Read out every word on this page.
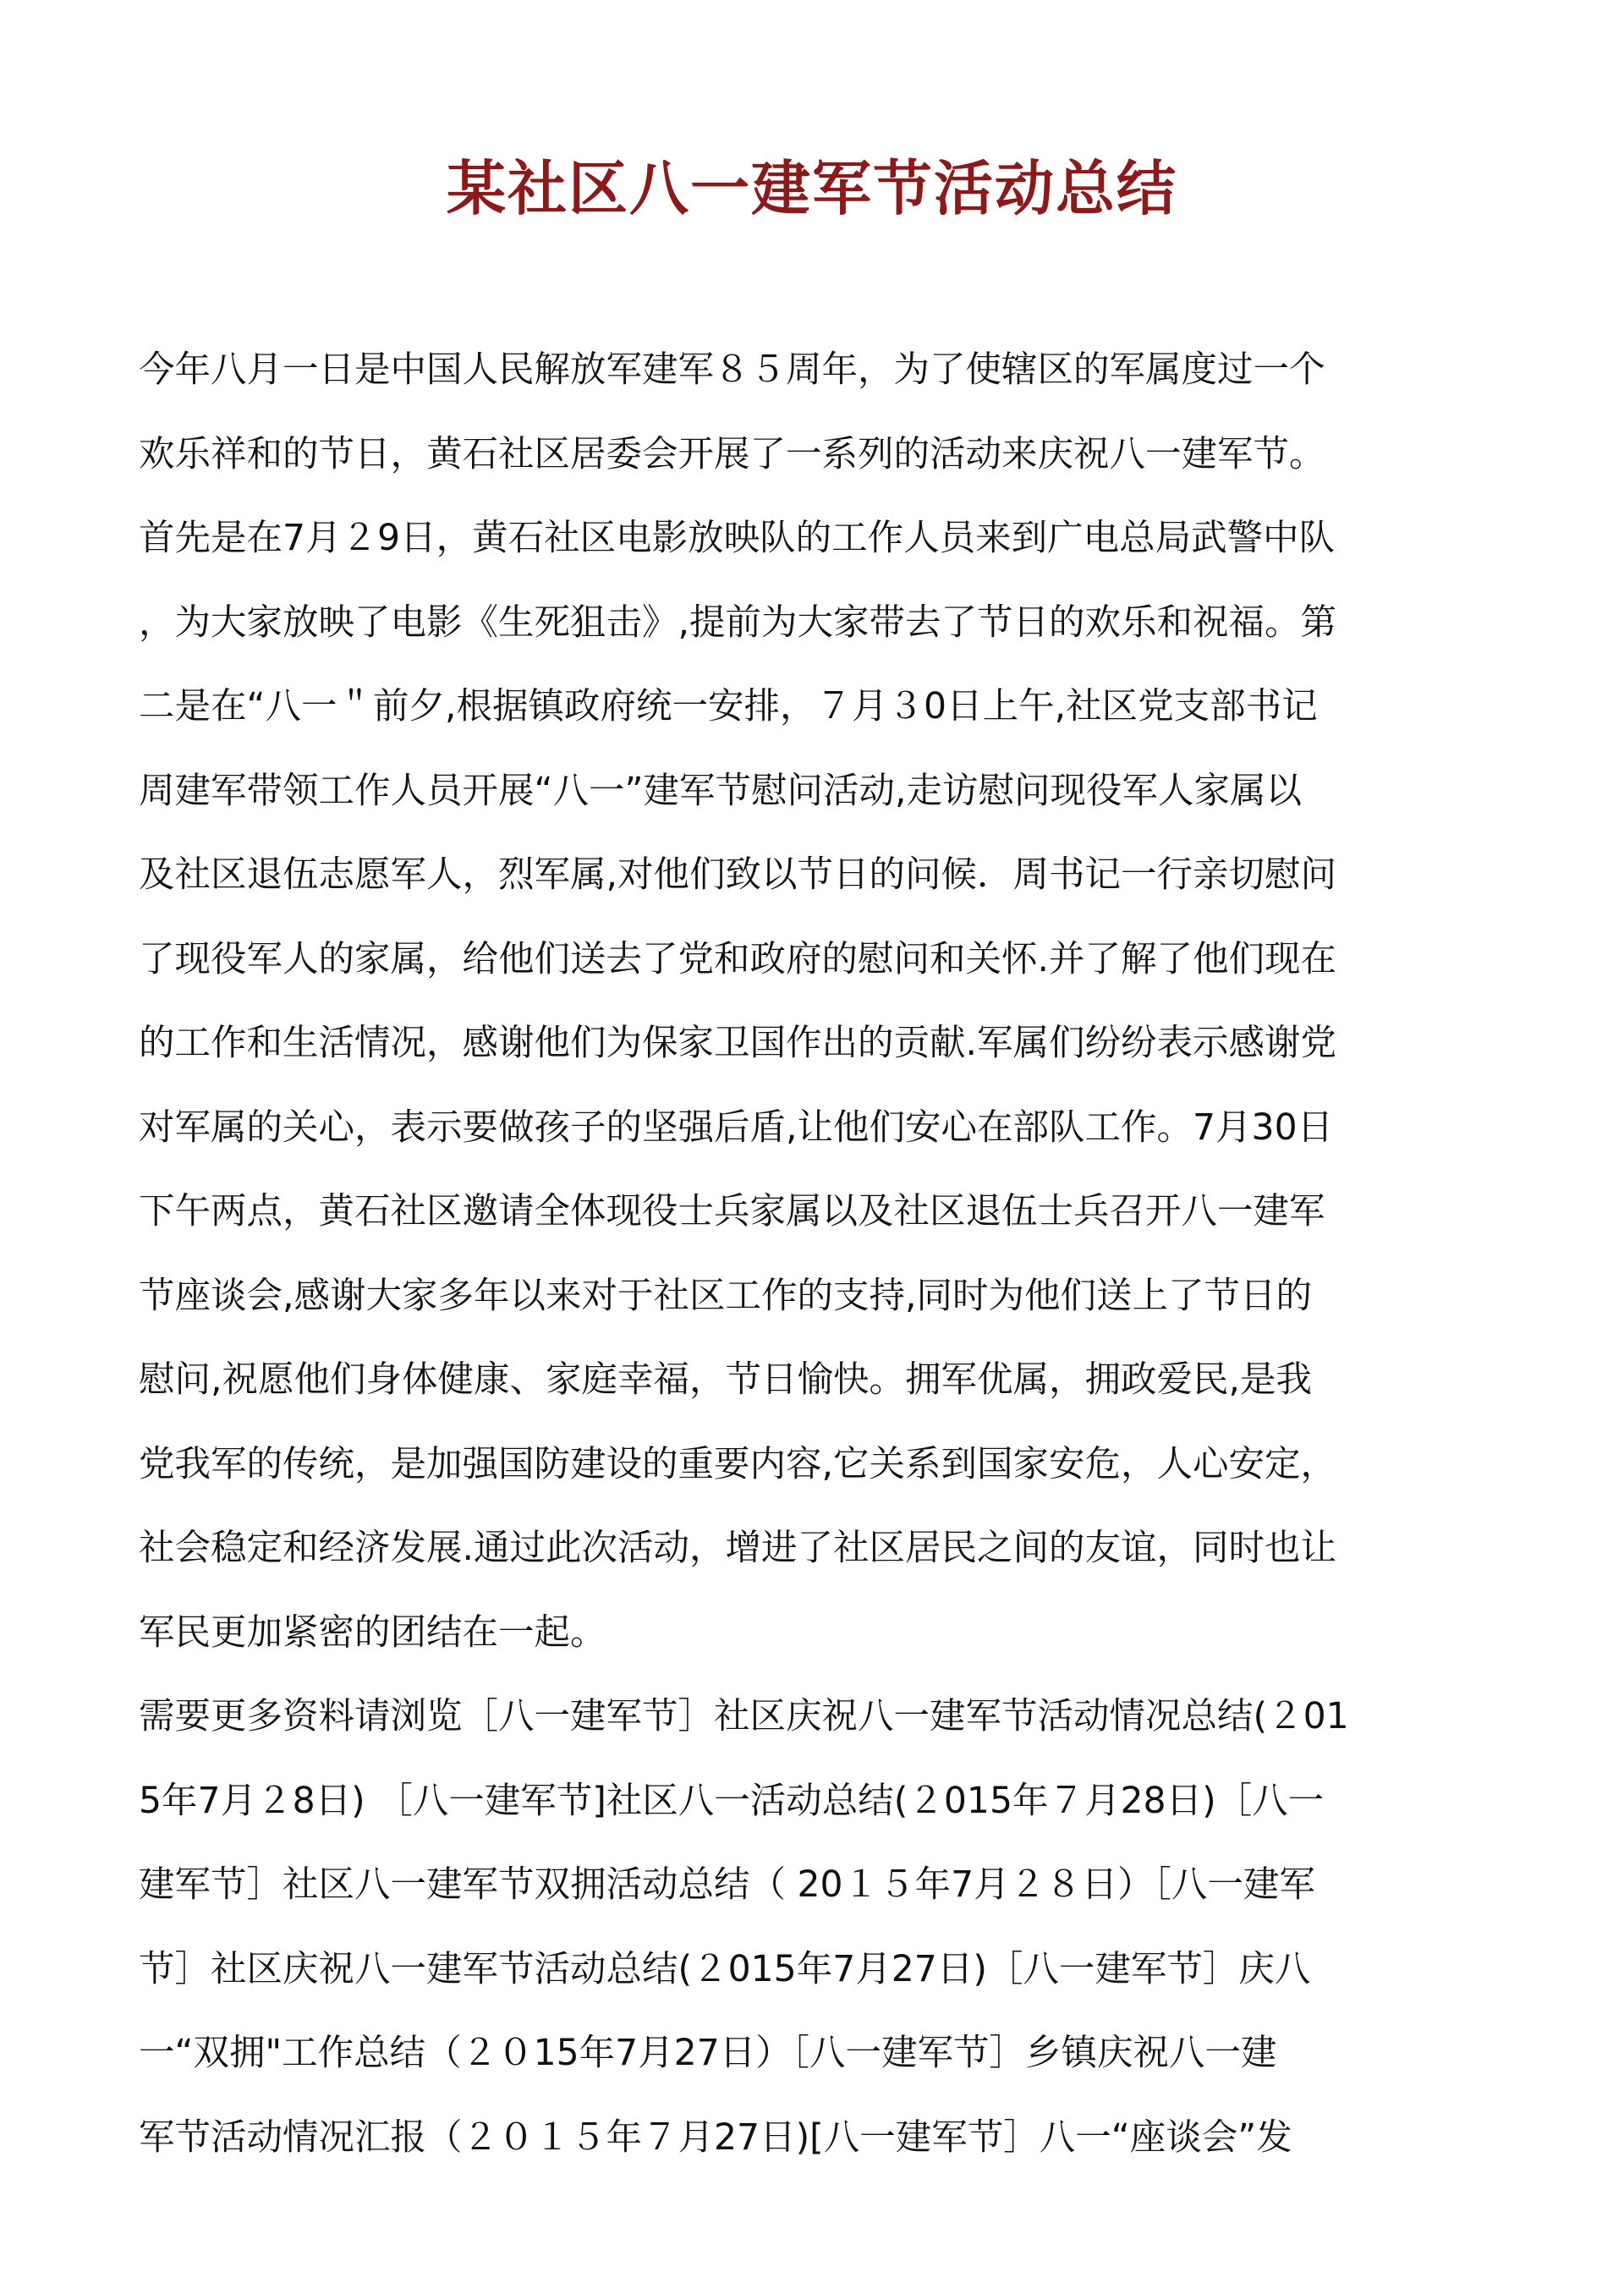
某社区八一建军节活动总结
今年八月一日是中国人民解放军建军８５周年，为了使辖区的军属度过一个
欢乐祥和的节日，黄石社区居委会开展了一系列的活动来庆祝八一建军节。
首先是在7月２9日，黄石社区电影放映队的工作人员来到广电总局武警中队
，为大家放映了电影《生死狙击》,提前为大家带去了节日的欢乐和祝福。第
二是在“八一＂前夕,根据镇政府统一安排，７月３0日上午,社区党支部书记
周建军带领工作人员开展“八一”建军节慰问活动,走访慰问现役军人家属以
及社区退伍志愿军人，烈军属,对他们致以节日的问候．周书记一行亲切慰问
了现役军人的家属，给他们送去了党和政府的慰问和关怀.并了解了他们现在
的工作和生活情况，感谢他们为保家卫国作出的贡献.军属们纷纷表示感谢党
对军属的关心，表示要做孩子的坚强后盾,让他们安心在部队工作。7月30日
下午两点，黄石社区邀请全体现役士兵家属以及社区退伍士兵召开八一建军
节座谈会,感谢大家多年以来对于社区工作的支持,同时为他们送上了节日的
慰问,祝愿他们身体健康、家庭幸福，节日愉快。拥军优属，拥政爱民,是我
党我军的传统，是加强国防建设的重要内容,它关系到国家安危，人心安定，
社会稳定和经济发展.通过此次活动，增进了社区居民之间的友谊，同时也让
军民更加紧密的团结在一起。
需要更多资料请浏览［八一建军节］社区庆祝八一建军节活动情况总结(２01
5年7月２8日) ［八一建军节]社区八一活动总结(２015年７月28日)［八一
建军节］社区八一建军节双拥活动总结（ 20１５年7月２８日）［八一建军
节］社区庆祝八一建军节活动总结(２015年7月27日)［八一建军节］庆八
一“双拥"工作总结（２０15年7月27日）［八一建军节］乡镇庆祝八一建
军节活动情况汇报（２０１５年７月27日)[八一建军节］八一“座谈会”发
